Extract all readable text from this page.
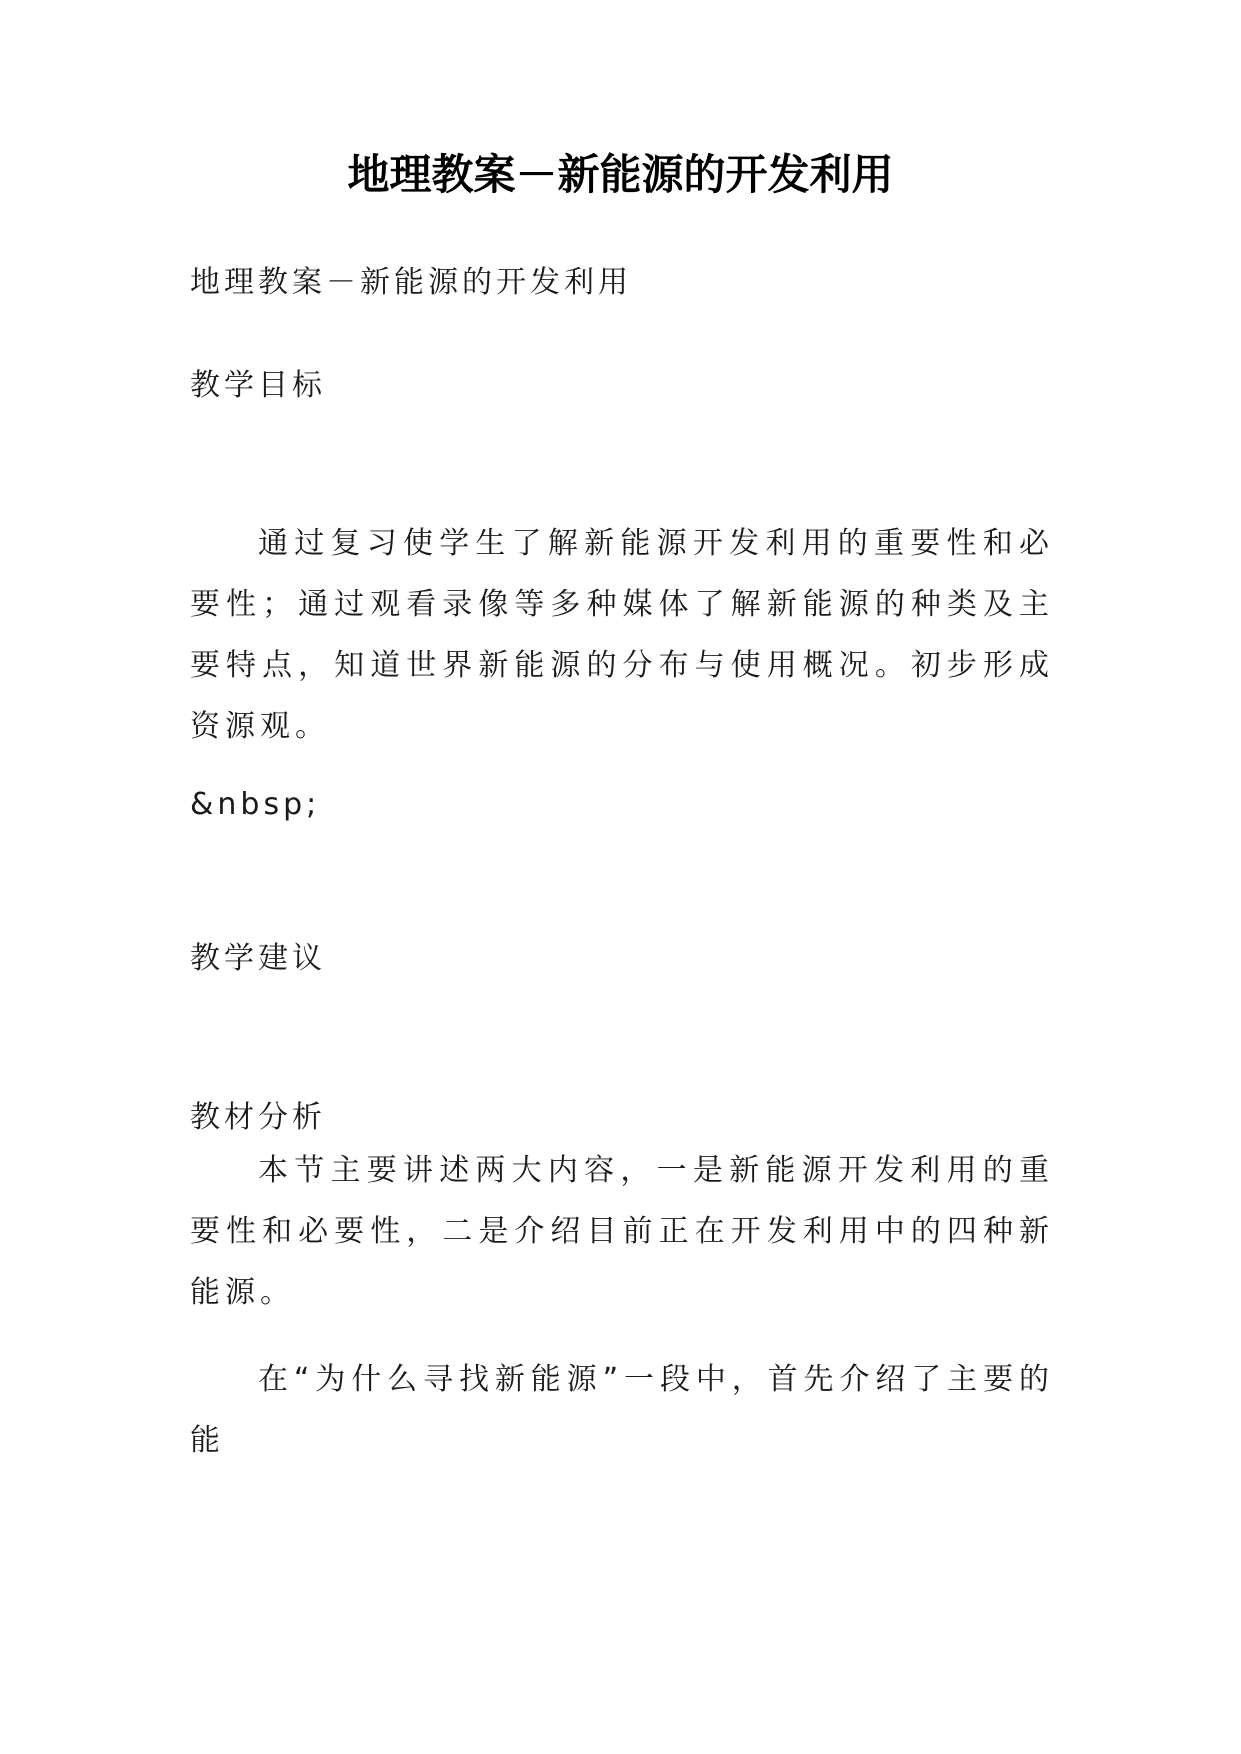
地理教案－新能源的开发利用
地理教案－新能源的开发利用
教学目标
通过复习使学生了解新能源开发利用的重要性和必要性；通过观看录像等多种媒体了解新能源的种类及主要特点，知道世界新能源的分布与使用概况。初步形成资源观。
&nbsp;
教学建议
教材分析
本节主要讲述两大内容，一是新能源开发利用的重要性和必要性，二是介绍目前正在开发利用中的四种新能源。
在“为什么寻找新能源”一段中，首先介绍了主要的能
